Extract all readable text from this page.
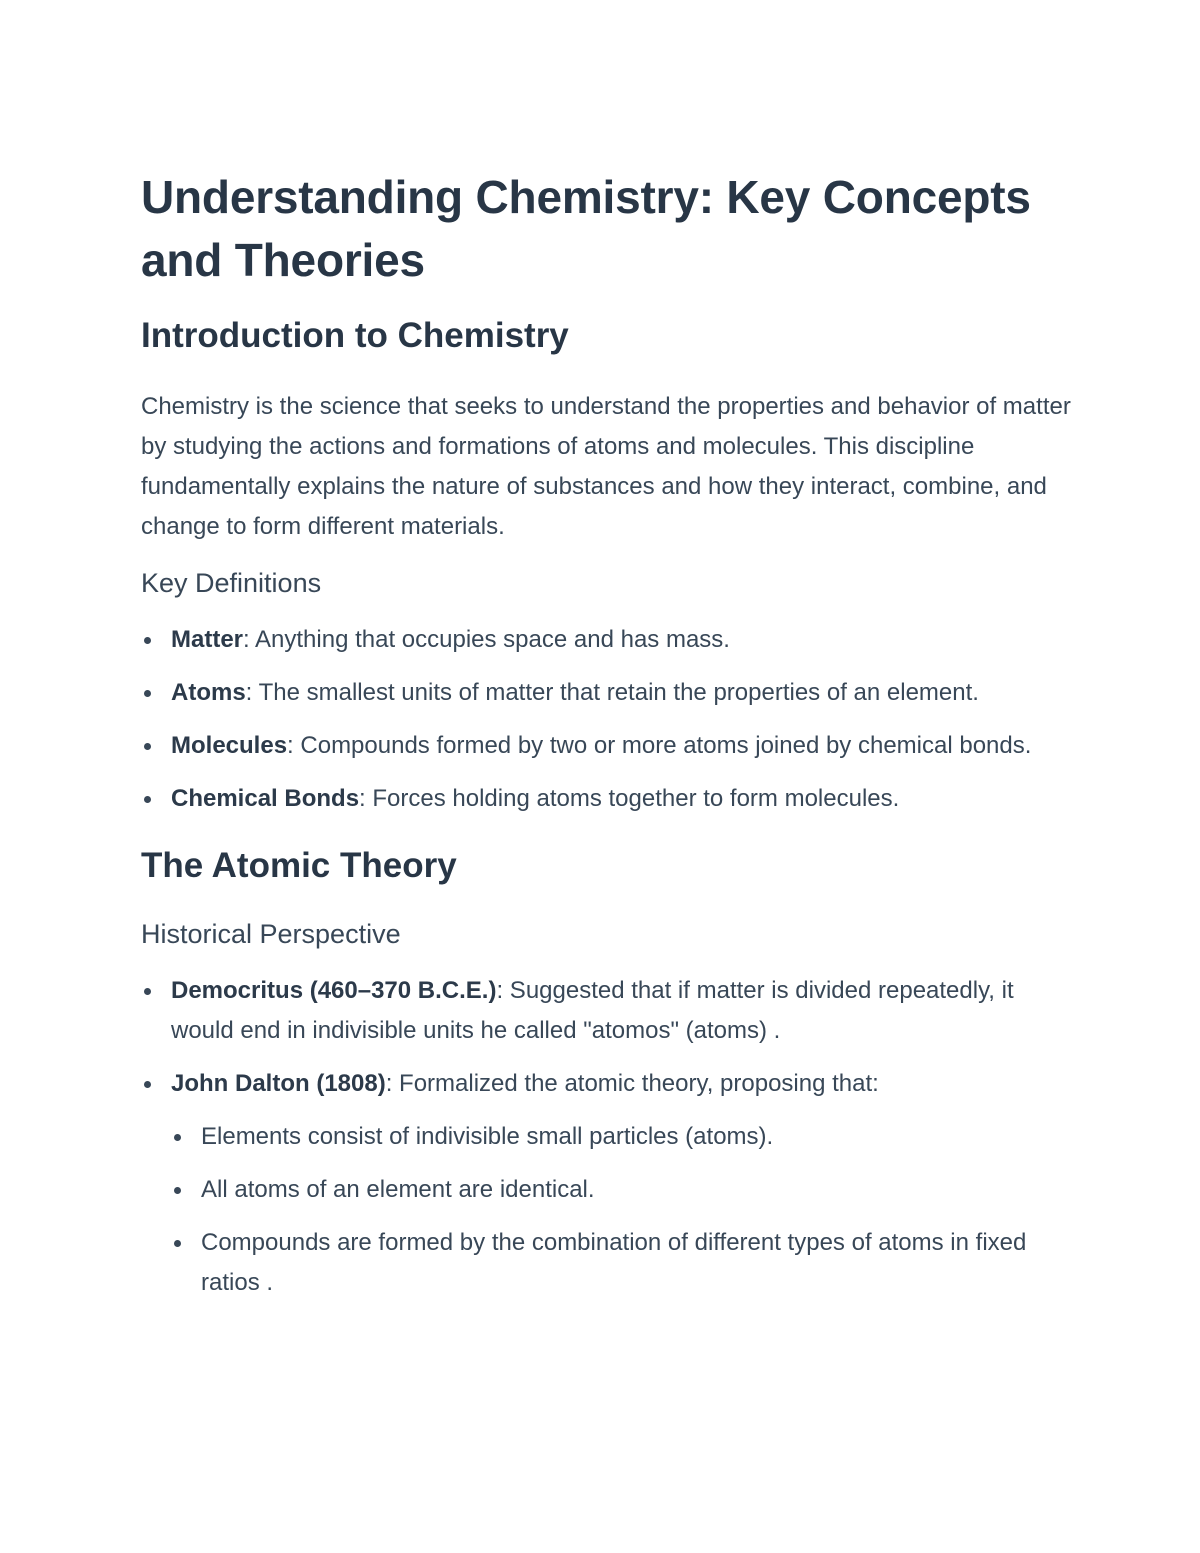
Understanding Chemistry: Key Concepts and Theories
Introduction to Chemistry

Chemistry is the science that seeks to understand the properties and behavior of matter by studying the actions and formations of atoms and molecules. This discipline fundamentally explains the nature of substances and how they interact, combine, and change to form different materials.

Key Definitions
Matter: Anything that occupies space and has mass.
Atoms: The smallest units of matter that retain the properties of an element.
Molecules: Compounds formed by two or more atoms joined by chemical bonds.
Chemical Bonds: Forces holding atoms together to form molecules.
The Atomic Theory
Historical Perspective
Democritus (460–370 B.C.E.): Suggested that if matter is divided repeatedly, it would end in indivisible units he called "atomos" (atoms) .
John Dalton (1808): Formalized the atomic theory, proposing that:
Elements consist of indivisible small particles (atoms).
All atoms of an element are identical.
Compounds are formed by the combination of different types of atoms in fixed ratios .
